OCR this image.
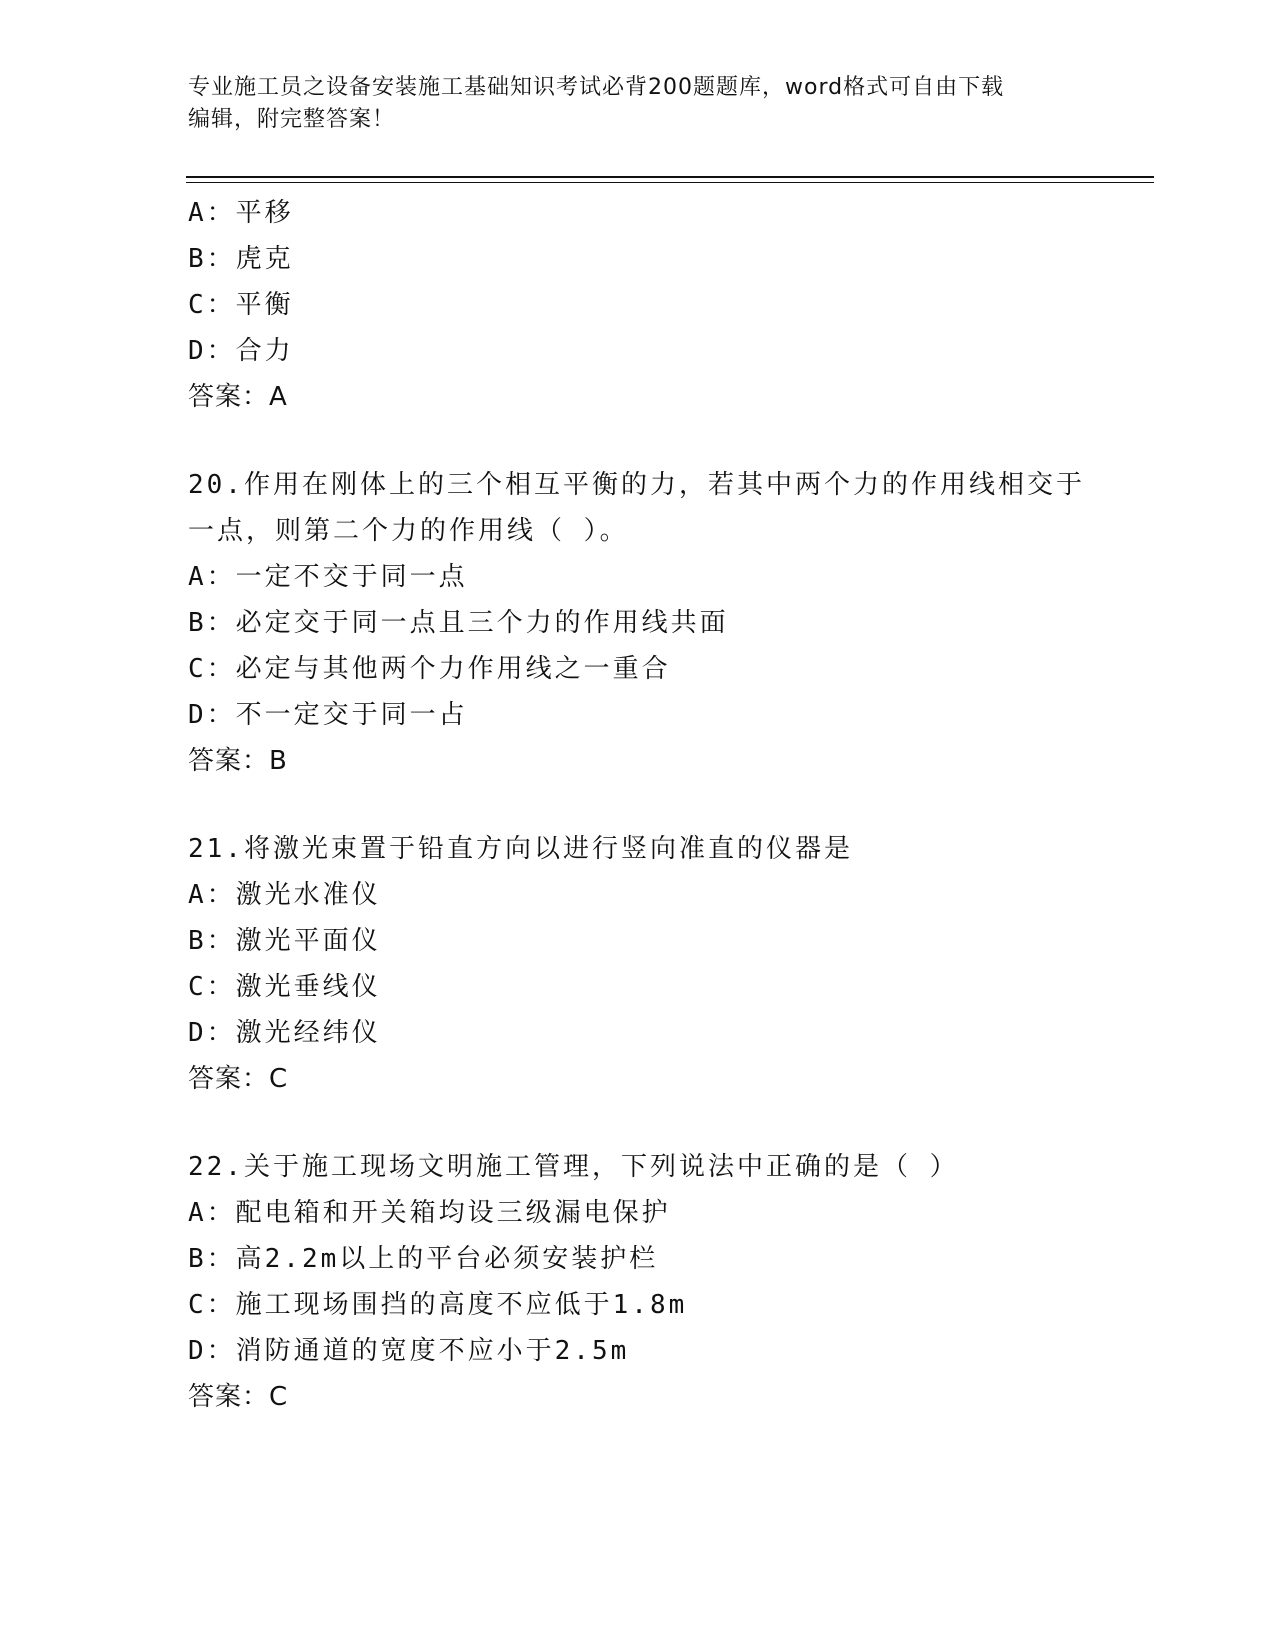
专业施工员之设备安装施工基础知识考试必背200题题库，word格式可自由下载
编辑，附完整答案！
A：平移
B：虎克
C：平衡
D：合力
答案：A
20.作用在刚体上的三个相互平衡的力，若其中两个力的作用线相交于
一点，则第二个力的作用线（ ）。
A：一定不交于同一点
B：必定交于同一点且三个力的作用线共面
C：必定与其他两个力作用线之一重合
D：不一定交于同一占
答案：B
21.将激光束置于铅直方向以进行竖向准直的仪器是
A：激光水准仪
B：激光平面仪
C：激光垂线仪
D：激光经纬仪
答案：C
22.关于施工现场文明施工管理，下列说法中正确的是（ ）
A：配电箱和开关箱均设三级漏电保护
B：高2.2m以上的平台必须安装护栏
C：施工现场围挡的高度不应低于1.8m
D：消防通道的宽度不应小于2.5m
答案：C
